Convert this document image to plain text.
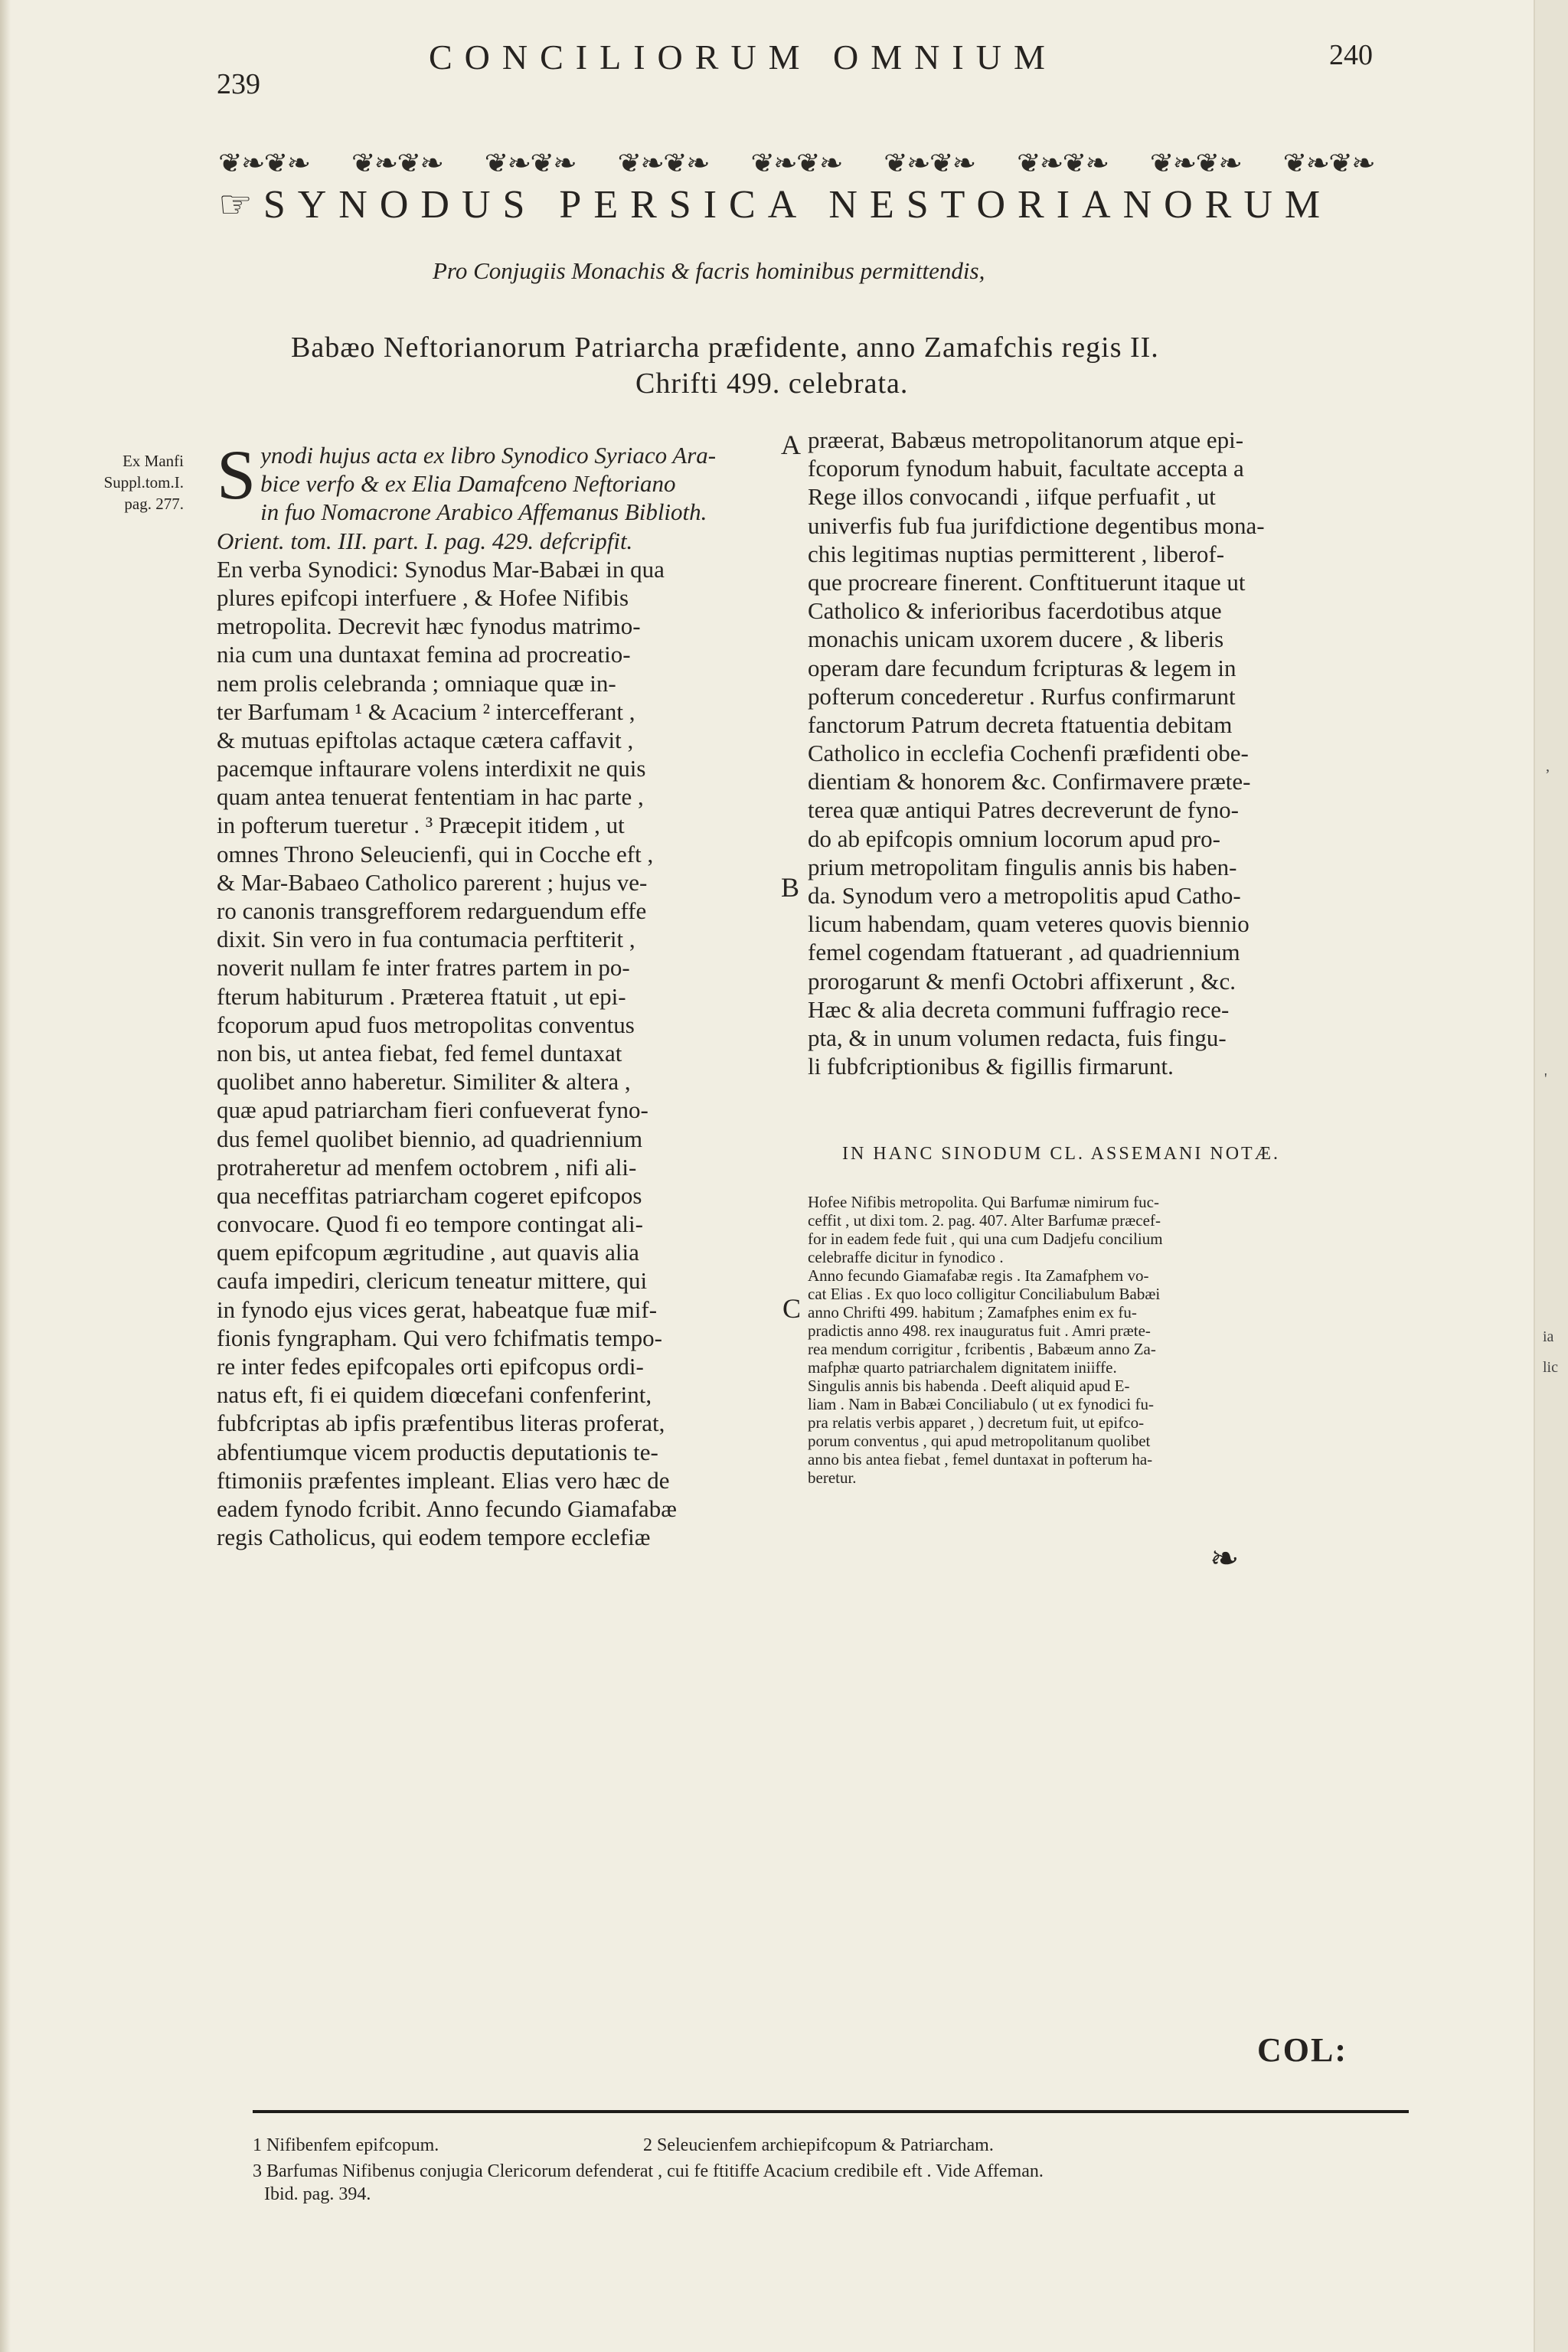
,
'
ia
lic
239
CONCILIORUM OMNIUM	240
❦❧❦❧ ❦❧❦❧ ❦❧❦❧ ❦❧❦❧ ❦❧❦❧ ❦❧❦❧ ❦❧❦❧ ❦❧❦❧ ❦❧❦❧
☞ SYNODUS PERSICA NESTORIANORUM
Pro Conjugiis Monachis & facris hominibus permittendis,
Babæo Neftorianorum Patriarcha præfidente, anno Zamafchis regis II.
Chrifti 499. celebrata.
Ex Manfi
Suppl.tom.I.
pag. 277. S ynodi hujus acta ex libro Synodico Syriaco Ara-
bice verfo & ex Elia Damafceno Neftoriano
in fuo Nomacrone Arabico Affemanus Biblioth.
Orient. tom. III. part. I. pag. 429. defcripfit.
En verba Synodici: Synodus Mar-Babæi in qua
plures epifcopi interfuere , & Hofee Nifibis
metropolita. Decrevit hæc fynodus matrimo-
nia cum una duntaxat femina ad procreatio-
nem prolis celebranda ; omniaque quæ in-
ter Barfumam ¹ & Acacium ² intercefferant ,
& mutuas epiftolas actaque cætera caffavit ,
pacemque inftaurare volens interdixit ne quis
quam antea tenuerat fententiam in hac parte ,
in pofterum tueretur . ³ Præcepit itidem , ut
omnes Throno Seleucienfi, qui in Cocche eft ,
& Mar-Babaeo Catholico parerent ; hujus ve-
ro canonis transgrefforem redarguendum effe
dixit. Sin vero in fua contumacia perftiterit ,
noverit nullam fe inter fratres partem in po-
fterum habiturum . Præterea ftatuit , ut epi-
fcoporum apud fuos metropolitas conventus
non bis, ut antea fiebat, fed femel duntaxat
quolibet anno haberetur. Similiter & altera ,
quæ apud patriarcham fieri confueverat fyno-
dus femel quolibet biennio, ad quadriennium
protraheretur ad menfem octobrem , nifi ali-
qua neceffitas patriarcham cogeret epifcopos
convocare. Quod fi eo tempore contingat ali-
quem epifcopum ægritudine , aut quavis alia
caufa impediri, clericum teneatur mittere, qui
in fynodo ejus vices gerat, habeatque fuæ mif-
fionis fyngrapham. Qui vero fchifmatis tempo-
re inter fedes epifcopales orti epifcopus ordi-
natus eft, fi ei quidem diœcefani confenferint,
fubfcriptas ab ipfis præfentibus literas proferat,
abfentiumque vicem productis deputationis te-
ftimoniis præfentes impleant. Elias vero hæc de
eadem fynodo fcribit. Anno fecundo Giamafabæ
regis Catholicus, qui eodem tempore ecclefiæ
præerat, Babæus metropolitanorum atque epi-
fcoporum fynodum habuit, facultate accepta a
Rege illos convocandi , iifque perfuafit , ut
univerfis fub fua jurifdictione degentibus mona-
chis legitimas nuptias permitterent , liberof-
que procreare finerent. Conftituerunt itaque ut
Catholico & inferioribus facerdotibus atque
monachis unicam uxorem ducere , & liberis
operam dare fecundum fcripturas & legem in
pofterum concederetur . Rurfus confirmarunt
fanctorum Patrum decreta ftatuentia debitam
Catholico in ecclefia Cochenfi præfidenti obe-
dientiam & honorem &c. Confirmavere præte-
terea quæ antiqui Patres decreverunt de fyno-
do ab epifcopis omnium locorum apud pro-
prium metropolitam fingulis annis bis haben-
da. Synodum vero a metropolitis apud Catho-
licum habendam, quam veteres quovis biennio
femel cogendam ftatuerant , ad quadriennium
prorogarunt & menfi Octobri affixerunt , &c.
Hæc & alia decreta communi fuffragio rece-
pta, & in unum volumen redacta, fuis fingu-
li fubfcriptionibus & figillis firmarunt.
A
B
C
IN HANC SINODUM CL. ASSEMANI NOTÆ.
Hofee Nifibis metropolita. Qui Barfumæ nimirum fuc-
ceffit , ut dixi tom. 2. pag. 407. Alter Barfumæ præcef-
for in eadem fede fuit , qui una cum Dadjefu concilium
celebraffe dicitur in fynodico .
Anno fecundo Giamafabæ regis . Ita Zamafphem vo-
cat Elias . Ex quo loco colligitur Conciliabulum Babæi
anno Chrifti 499. habitum ; Zamafphes enim ex fu-
pradictis anno 498. rex inauguratus fuit . Amri præte-
rea mendum corrigitur , fcribentis , Babæum anno Za-
mafphæ quarto patriarchalem dignitatem iniiffe.
Singulis annis bis habenda . Deeft aliquid apud E-
liam . Nam in Babæi Conciliabulo ( ut ex fynodici fu-
pra relatis verbis apparet , ) decretum fuit, ut epifco-
porum conventus , qui apud metropolitanum quolibet
anno bis antea fiebat , femel duntaxat in pofterum ha-
beretur.
❧
COL:
1 Nifibenfem epifcopum.	2 Seleucienfem archiepifcopum & Patriarcham.
3 Barfumas Nifibenus conjugia Clericorum defenderat , cui fe ftitiffe Acacium credibile eft . Vide Affeman.
Ibid. pag. 394.
